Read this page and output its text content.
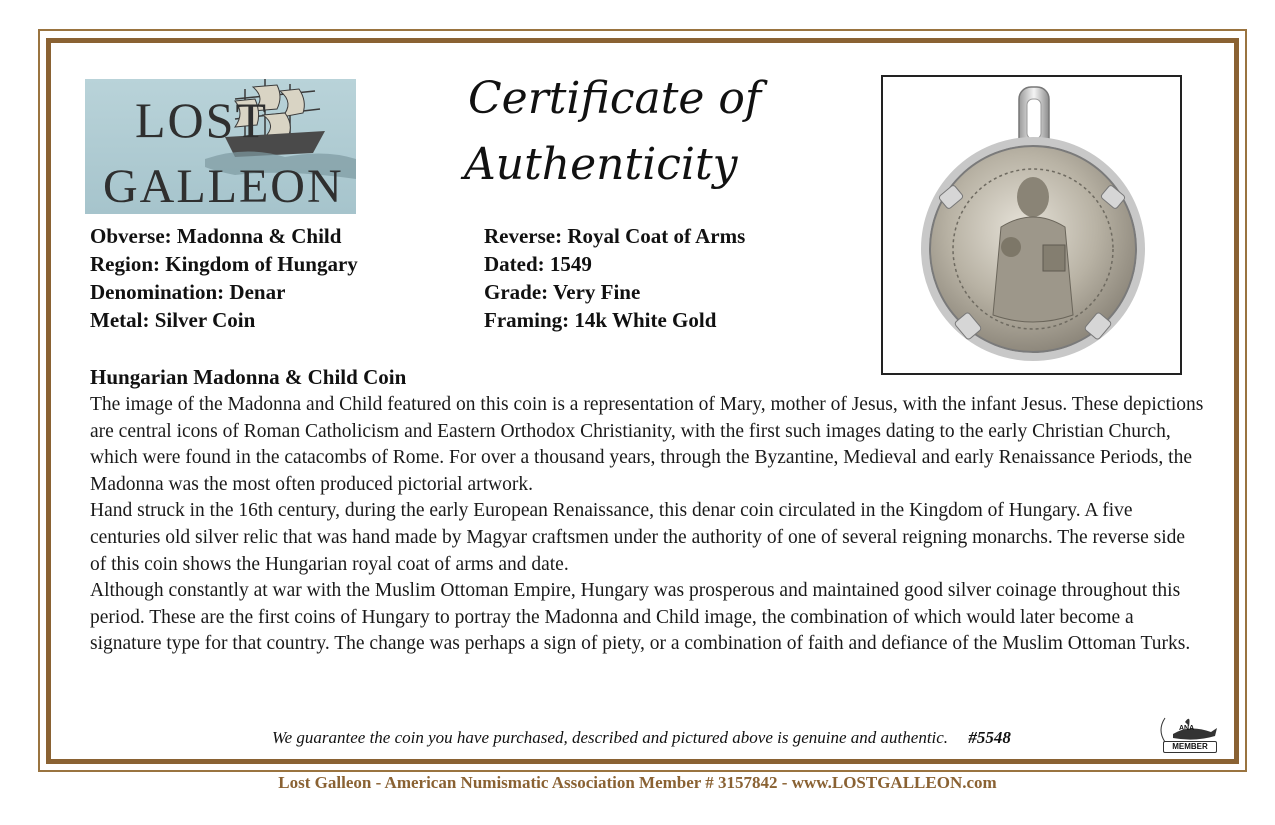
LOST
GALLEON
Certificate of
Authenticity
Obverse: Madonna & Child
Region: Kingdom of Hungary
Denomination: Denar
Metal: Silver Coin
Reverse: Royal Coat of Arms
Dated: 1549
Grade: Very Fine
Framing: 14k White Gold
Hungarian Madonna & Child Coin

The image of the Madonna and Child featured on this coin is a representation of Mary, mother of Jesus, with the infant Jesus. These depictions are central icons of Roman Catholicism and Eastern Orthodox Christianity, with the first such images dating to the early Christian Church, which were found in the catacombs of Rome. For over a thousand years, through the Byzantine, Medieval and early Renaissance Periods, the Madonna was the most often produced pictorial artwork.

Hand struck in the 16th century, during the early European Renaissance, this denar coin circulated in the Kingdom of Hungary. A five centuries old silver relic that was hand made by Magyar craftsmen under the authority of one of several reigning monarchs. The reverse side of this coin shows the Hungarian royal coat of arms and date.

Although constantly at war with the Muslim Ottoman Empire, Hungary was prosperous and maintained good silver coinage throughout this period. These are the first coins of Hungary to portray the Madonna and Child image, the combination of which would later become a signature type for that country. The change was perhaps a sign of piety, or a combination of faith and defiance of the Muslim Ottoman Turks.

We guarantee the coin you have purchased, described and pictured above is genuine and authentic. #5548	ANA
MEMBER
Lost Galleon - American Numismatic Association Member # 3157842 - www.LOSTGALLEON.com
